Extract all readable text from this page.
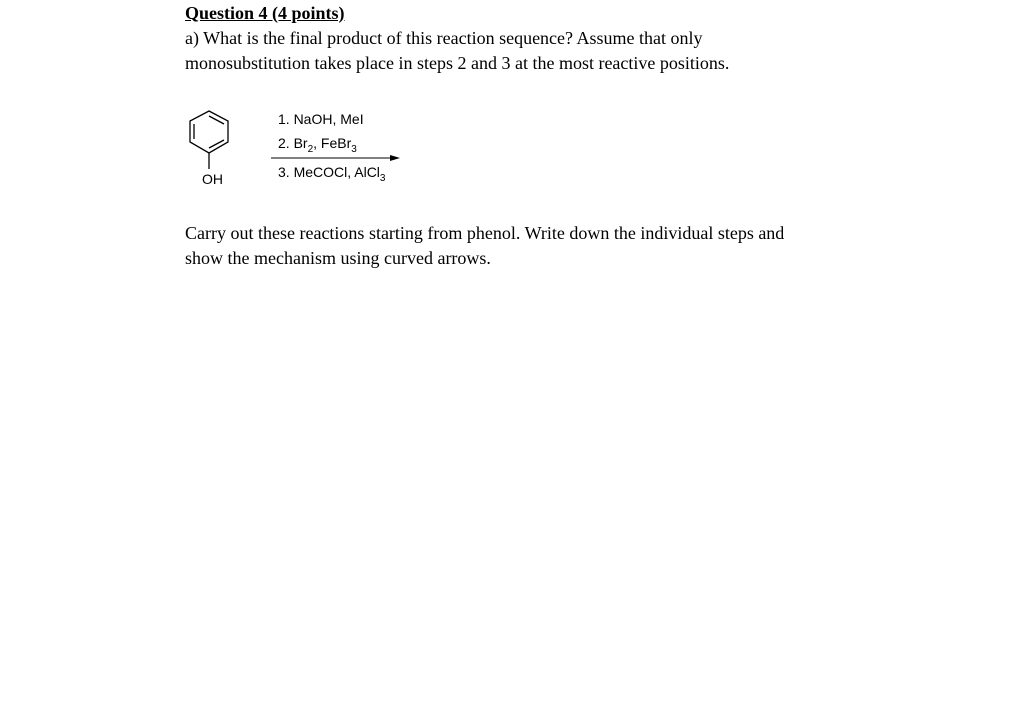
Question 4 (4 points)
a) What is the final product of this reaction sequence? Assume that only
monosubstitution takes place in steps 2 and 3 at the most reactive positions.
OH
1. NaOH, MeI
2. $Br_2$, FeBr$_3$
3. MeCOCl, AlCl$_3$
Carry out these reactions starting from phenol. Write down the individual steps and
show the mechanism using curved arrows.
